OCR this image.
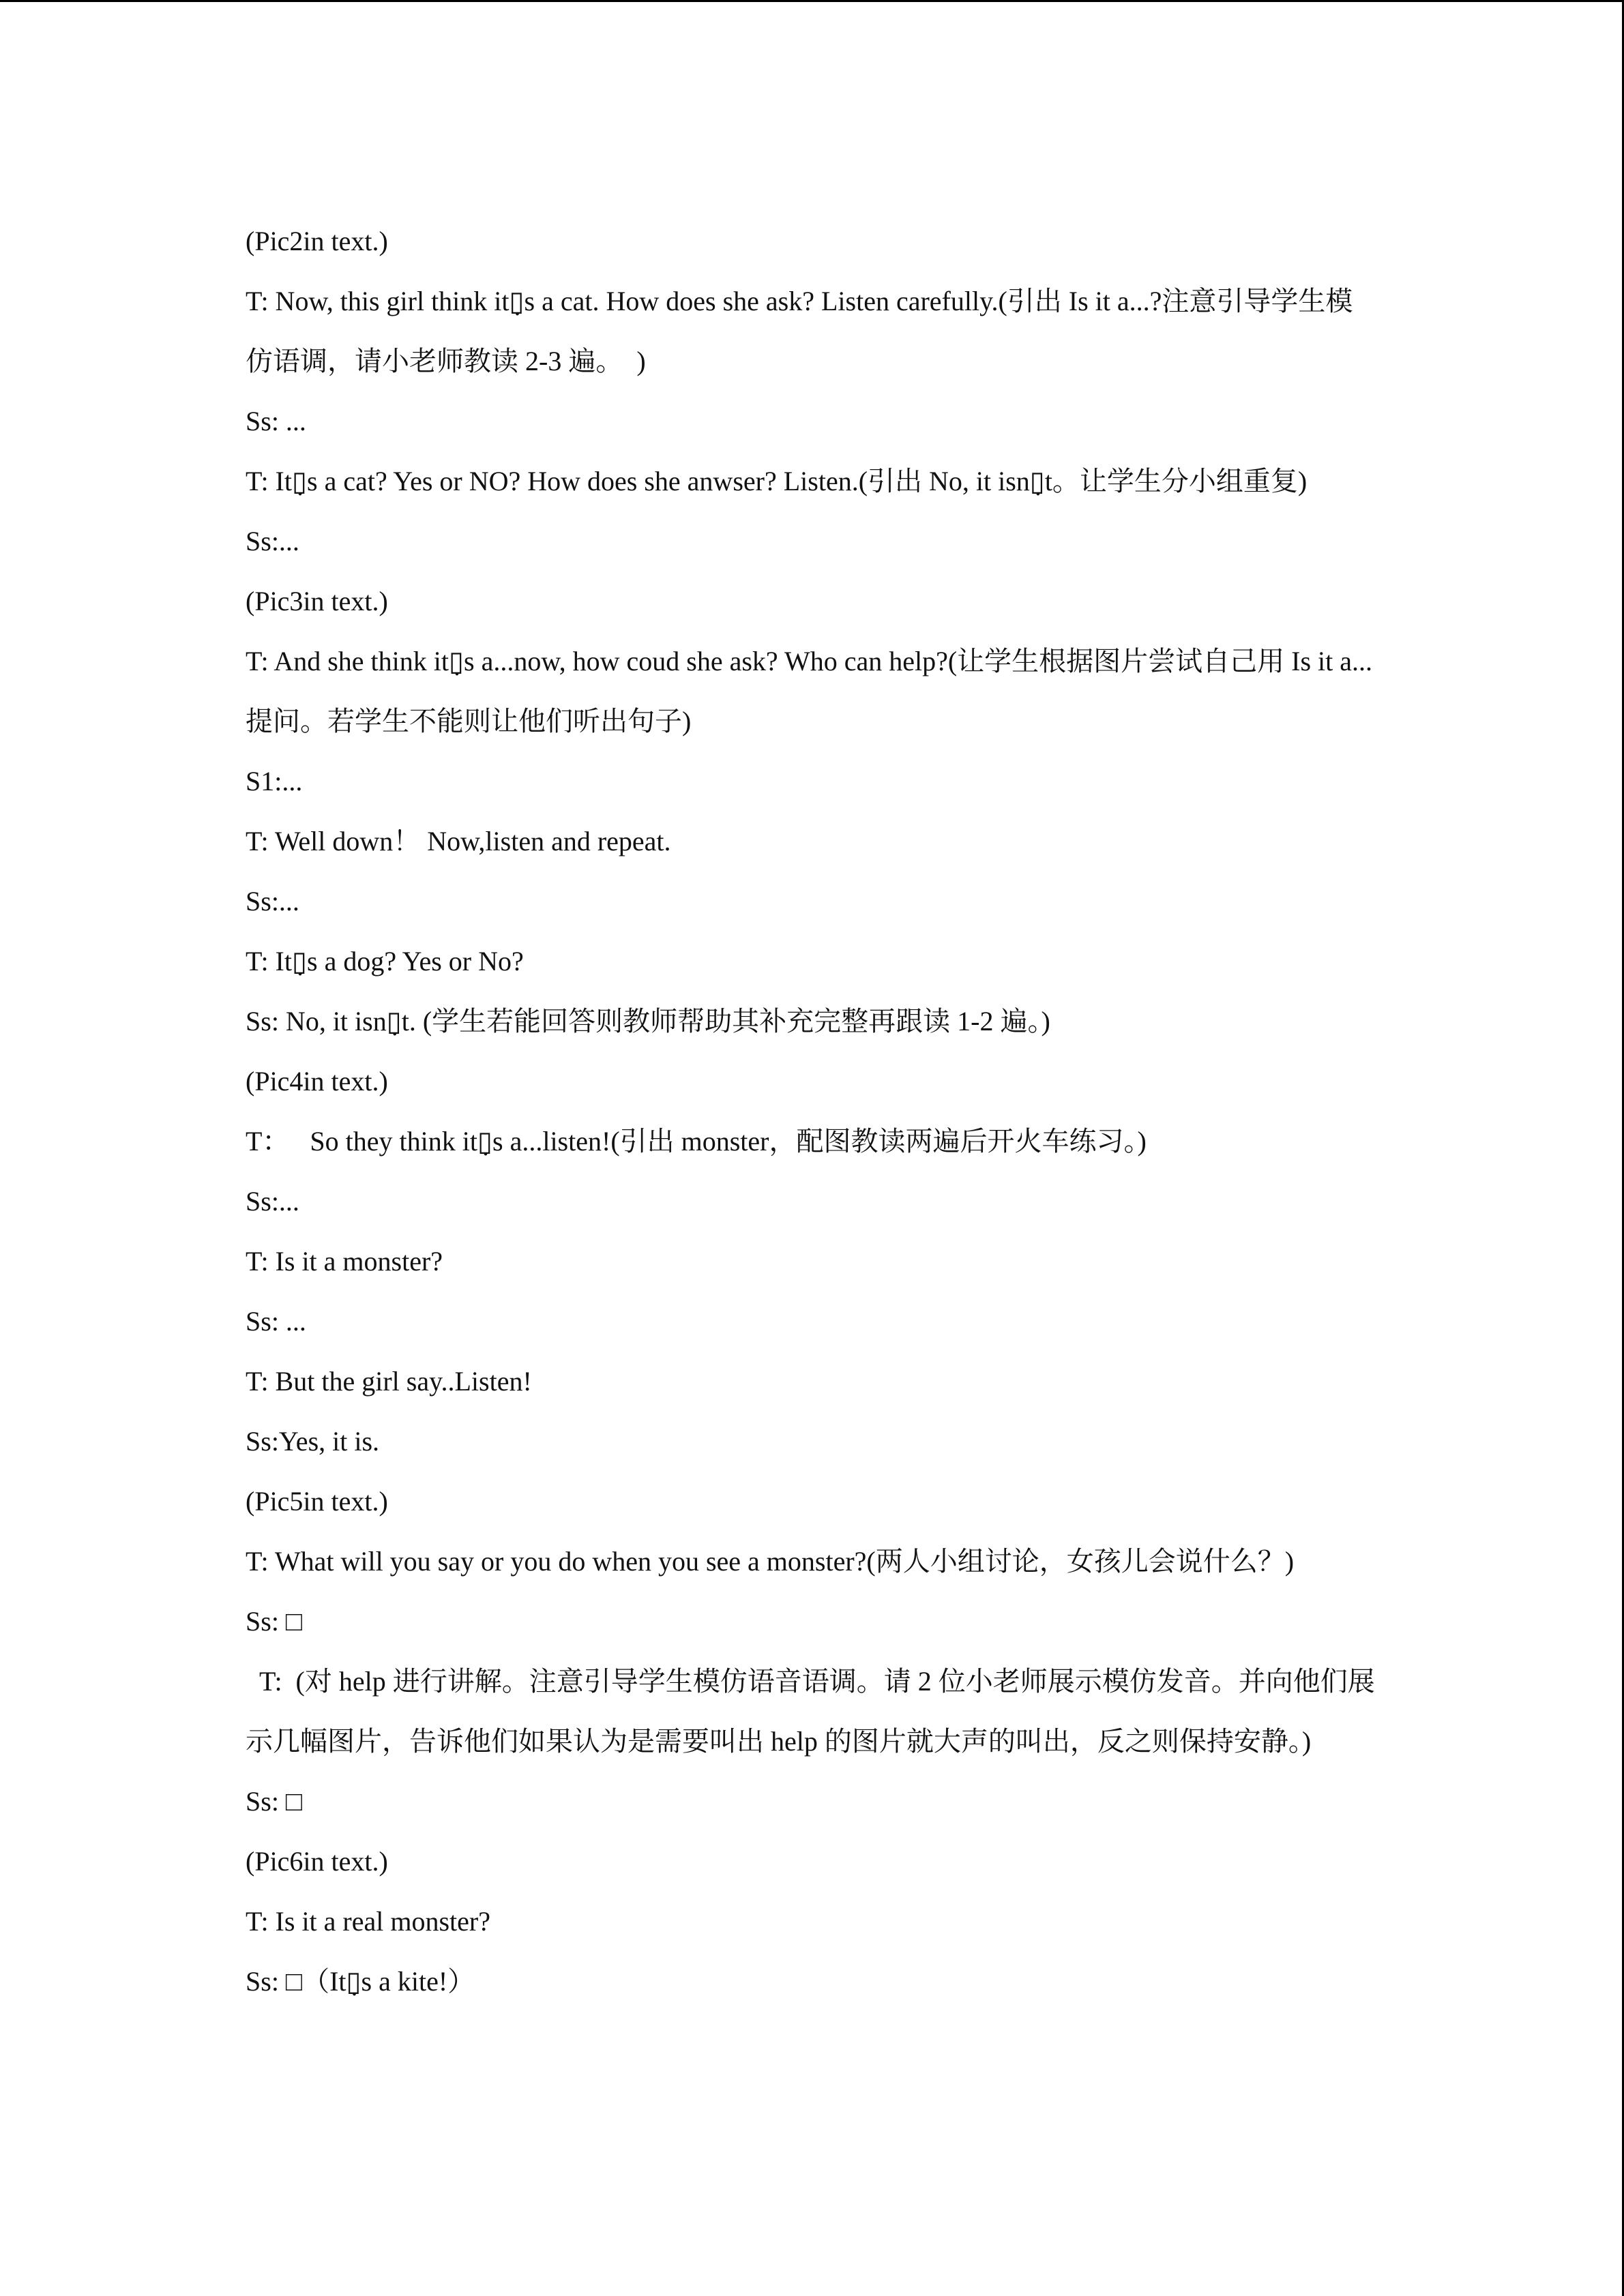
(Pic2in text.)

T: Now, this girl think it▯̣s a cat. How does she ask? Listen carefully.(引出 Is it a...?注意引导学生模仿语调，请小老师教读 2-3 遍。  )

Ss: ...

T: It▯̣s a cat? Yes or NO? How does she anwser? Listen.(引出 No, it isn▯̣t。让学生分小组重复)

Ss:...

(Pic3in text.)

T: And she think it▯̣s a...now, how coud she ask? Who can help?(让学生根据图片尝试自己用 Is it a...  提问。若学生不能则让他们听出句子)

S1:...

T: Well down！ Now,listen and repeat.

Ss:...

T: It▯̣s a dog? Yes or No?

Ss: No, it isn▯̣t. (学生若能回答则教师帮助其补充完整再跟读 1-2 遍。)

(Pic4in text.)

T：   So they think it▯̣s a...listen!(引出 monster，配图教读两遍后开火车练习。)

Ss:...

T: Is it a monster?

Ss: ...

T: But the girl say..Listen!

Ss:Yes, it is.

(Pic5in text.)

T: What will you say or you do when you see a monster?(两人小组讨论，女孩儿会说什么？)

Ss: □

T:  (对 help 进行讲解。注意引导学生模仿语音语调。请 2 位小老师展示模仿发音。并向他们展示几幅图片，告诉他们如果认为是需要叫出 help 的图片就大声的叫出，反之则保持安静。)

Ss: □

(Pic6in text.)

T: Is it a real monster?

Ss: □（It▯̣s a kite!）
